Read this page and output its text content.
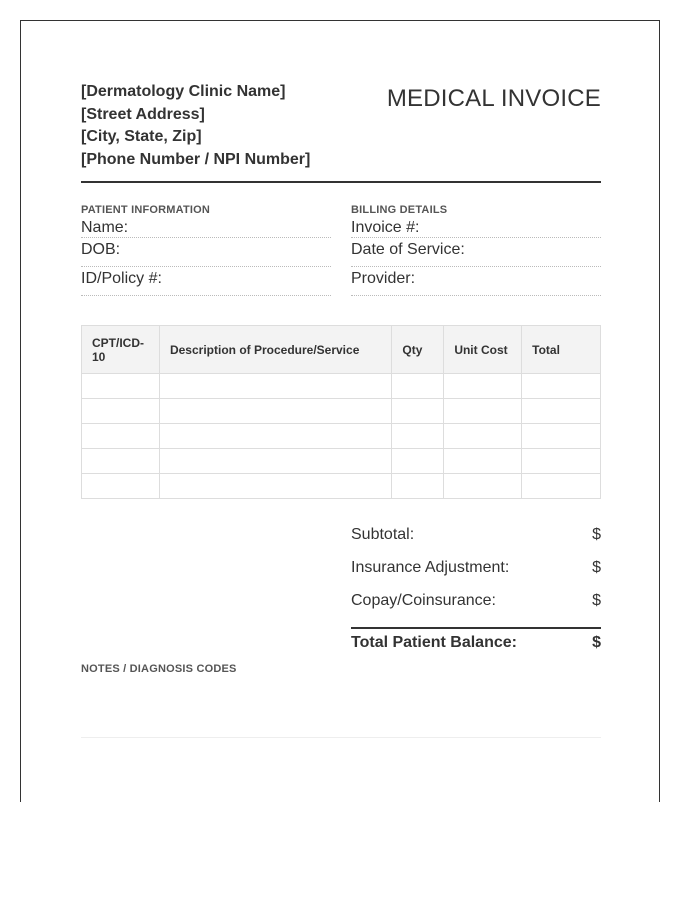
[Dermatology Clinic Name]
[Street Address]
[City, State, Zip]
[Phone Number / NPI Number]
MEDICAL INVOICE
PATIENT INFORMATION
Name:
DOB:
ID/Policy #:
BILLING DETAILS
Invoice #:
Date of Service:
Provider:
CPT/ICD-10	Description of Procedure/Service	Qty	Unit Cost	Total

Subtotal:	$
Insurance Adjustment:	$
Copay/Coinsurance:	$
Total Patient Balance:	$
NOTES / DIAGNOSIS CODES
